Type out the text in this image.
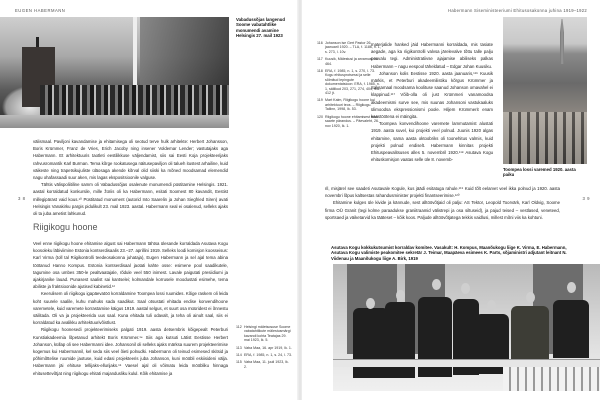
EUGEN HABERMANN
Vabadussõjas langenud Soome vabatahtlike monumendi avamine Helsingis 27. mail 1923

välismaal. Paviljoni kavandamise ja ehitamisega oli seotud terve hulk arhitekte: Herbert Johansson, Boris Krümmer, Franz de Vries, Erich Jacoby ning insener Voldemar Lender; vastutajaks aga Habermann. Et arhitektuuris taotleti eestilikkuse väljendamist, siis sai Eesti Koja projekteerijaks rahvusromantik Karl Burman. Tema kõrge rookatusega näitusepaviljon oli talueh itustest arhailine, kuid väikeste ning trapetsikujuliste üläosaga akende kõrval olid siiski ka mõned moodsamad elemendid nagu ohafassaadi suur aken, mis lagas ekspositsioonile valguse.

Tähtis välispoliitiline samm oli Vabadussõjas osalenute monumendi püstitamine Helsingis. 1921. aastal korraldatud konkursile, mille žüriis oli ka Habermann, esitati Soomest 80 kavandit, Eestist millegipärast vaid kous.¹⁰ Püstitatud monument (autorid Into Saarelin ja Johan Siegfried Siren) avati Helsingis Vanakirku pargis pidulikult 23. mail 1923. aastal. Habermann seal ei osalenud, selleks ajaks oli ta juba ametist lahkunud.

3 8
Riigikogu hoone

Veel enne riigikogu hoone ehitamise algust sai Habermann tähtsa ülesande korraldada Asutava Kogu koosoleku läbiviimine Estonia kontserdisaalis 23.–27. aprillini 1919. Selleks loodi komisjon koosseisus: Karl Virma (toll tal Riigikontrolli teedeosakonna juhataja), Eugen Habermann ja sel ajal tema abina töötanud Hanno Kompus. Estonia kontserdisaal jaotati kahte osse: esimene pool saadikutele, tagumine osa umbes 350-le pealtvaatajale, rõdule veel 550 inimest. Lavale paigutati presiidiumi ja ajakirjanike lauad. Punasest saalist sai kantselei; kolmandale korrusele moodustati esimehe, tema abiliste ja fraktsioonide ajutised kabinetid.¹²

Keerulisem oli riigikogu igapäevatöö korraldamine Toompea lossi ruumides. Kõige raskem oli leida koht suurele saalile, kuhu mahuks sada saadikut. Saal otsustati ehitada endise konvendihoone varemetele, kuid varemete korrastamise käigus 1919. aastal selgus, et suurt osa müüridest ei õnnestu säilitada. Oli va ja projekteerida uus saal. Kuna ehitada tuli odavalt, ja teha oli ainult saal, siis ei korraldatud ka avalikku arhitektuurivõistlust.

Riigikogu hoonesedi projekteerimiseks palgati 1919. aasta detsembris kõigepealt Peterburi Kunstiakadeemia lõpetanud arhitekt Boris Krümmer.¹⁴ Siis aga kutsuti Lätist Eestisse Herbert Johanson, küllap oli see Habermanni idee. Johansonil oli selleks ajaks märksa suurem projekteerimise kogemus kui Habermannil, kel seda siis veel õieti polnudki. Habermann oli teinud esimesed skitsid ja põhimõttelise ruumide jaotuse, kuid edasi projekteeris juba Johanson, kuni mööbli eskiisideni välja. Habermann jäi ehituse tellijaks-ellurijaks.¹⁵ Vaesel ajal oli võimatu leida mööbliku hinnaga ehitusettevõtjat ning riigikogu ehitati majandusliku kulul. Kõik ehitamise ja

112 Helsingi mäletsosuse Soome vabatahtlikute mälestusmärgi kavandi kohta Teatajas 29. mai 1923, lk. 5.
113 Vaba Maa, 16. apr 1919, lk. 1.
114 ERA, f. 1985, n. 1, s. 24, l. 73.
115 Vaba Maa, 11. juuli 1923, lk. 2.
Habermann Siseministeeriumi Ehitusosakonna juhina 1919–1922
116 Johanson ise Gert Pastor 26. jaanuaril 1920. – TLA, f. 1186, n. 1, s. 273, l. 10v.
117 Kuusik, Mälestusi ja arvamusi, lk. 464.
118 ERA, f. 1985, n. 1, s. 270, l. 73. Kogu ehitusprotsessi ja selle sõlmitud lepingute dokumentatsioon: ERA, f. 1985, n. 1, säilikud 203, 271, 274, 404, 411, 412 jt.
119 Mart Kalm, Riigikogu hoone kui arhitektuuri teos. – Riigikogu. Tallinn, 1998, lk. 53.
120 Riigikogu hoone ehitamisest tehti saarte pärandus. – Päevaleht, 26. nov 1920, lk. 1.

materjalide hanked jäid Habermanni korraldada, mis tasiate aegade, aga ka riigikontrolli valvsa järelevalve tõttu talle palju peavalu tegi. Administratiivse ajajamise abiliseks palkas Habermann – nagu eespool täheldatud – Edgar Johan Kuusiku.

Johanson kolis Eestisse 1920. aasta jaanuaris,¹¹⁶ Kuusik märkis, et Peterburi akadeemilistiku kõrgus Krümmer ja Saksamaal moodsama koolituse saanud Johanson omavahel ei klappinud.¹¹⁷ Võib-olla oli just Krümmeri vanamoodsa akadeemismi surve see, mis suunas Johansoni vastukaaluks ülimoodsa ekspressionismi poole. Hiljem Krümmerit enam kaastöötena ei mäingita.

Toompea konvendihoone varemete lammutamist alustati 1919. aasta suvel, kui projekti veel polnud. Juunis 1920 algas ehitamine, sama aasta oktoobriks oli toonehitus valmis, kuid projekti polnud endiselt. Habermann kinnitas projekti Ehituspeavalitsuses alles 5. novembril 1920.¹¹⁸ Asutava Kogu ehituskomisjon vaatas selle üle 8. novemb-

Toompea lossi varemed 1920. aasta paiku

ril, misjärel see saadeti Asutavale Kogule, kus jäädi esitatuga rahule.¹¹⁹ Kuid tõlt eelarvet veel ikka polnud ja 1920. aasta novembri lõpus kaltsestas rahandusminister projekti finantseerimise.¹²⁰

Ehitamine kulges üle kivide ja kännude, sest alltöövõtjaid oli palju: AS Tektor, Leopold Toorvärk, Karl Oldvig, Soome firma OÜ Granit (tegi kolme paraadukse graniitraamid välistrepi ja osa siltuseid), ja pajud teised – vestlased, veneteed, sportsaed ja väiketarvid ka tääteset – kõik koos. Paljude alltöövõtjatega tekkis vaidlusi, millest mõni viis ka kohtuni.

3 9
Asutava Kogu kokkukutsumist korraldav komitee. Vasakult: H. Kompus, Maanõukogu liige K. Virma, E. Habermann, Asutava Kogu valimiste peakomitee sekretär J. Teimar, Maapäeva esimees K. Parts, sõjaministri adjutant leitnant N. Viidenau ja Maanõukogu liige A. Birk, 1919
